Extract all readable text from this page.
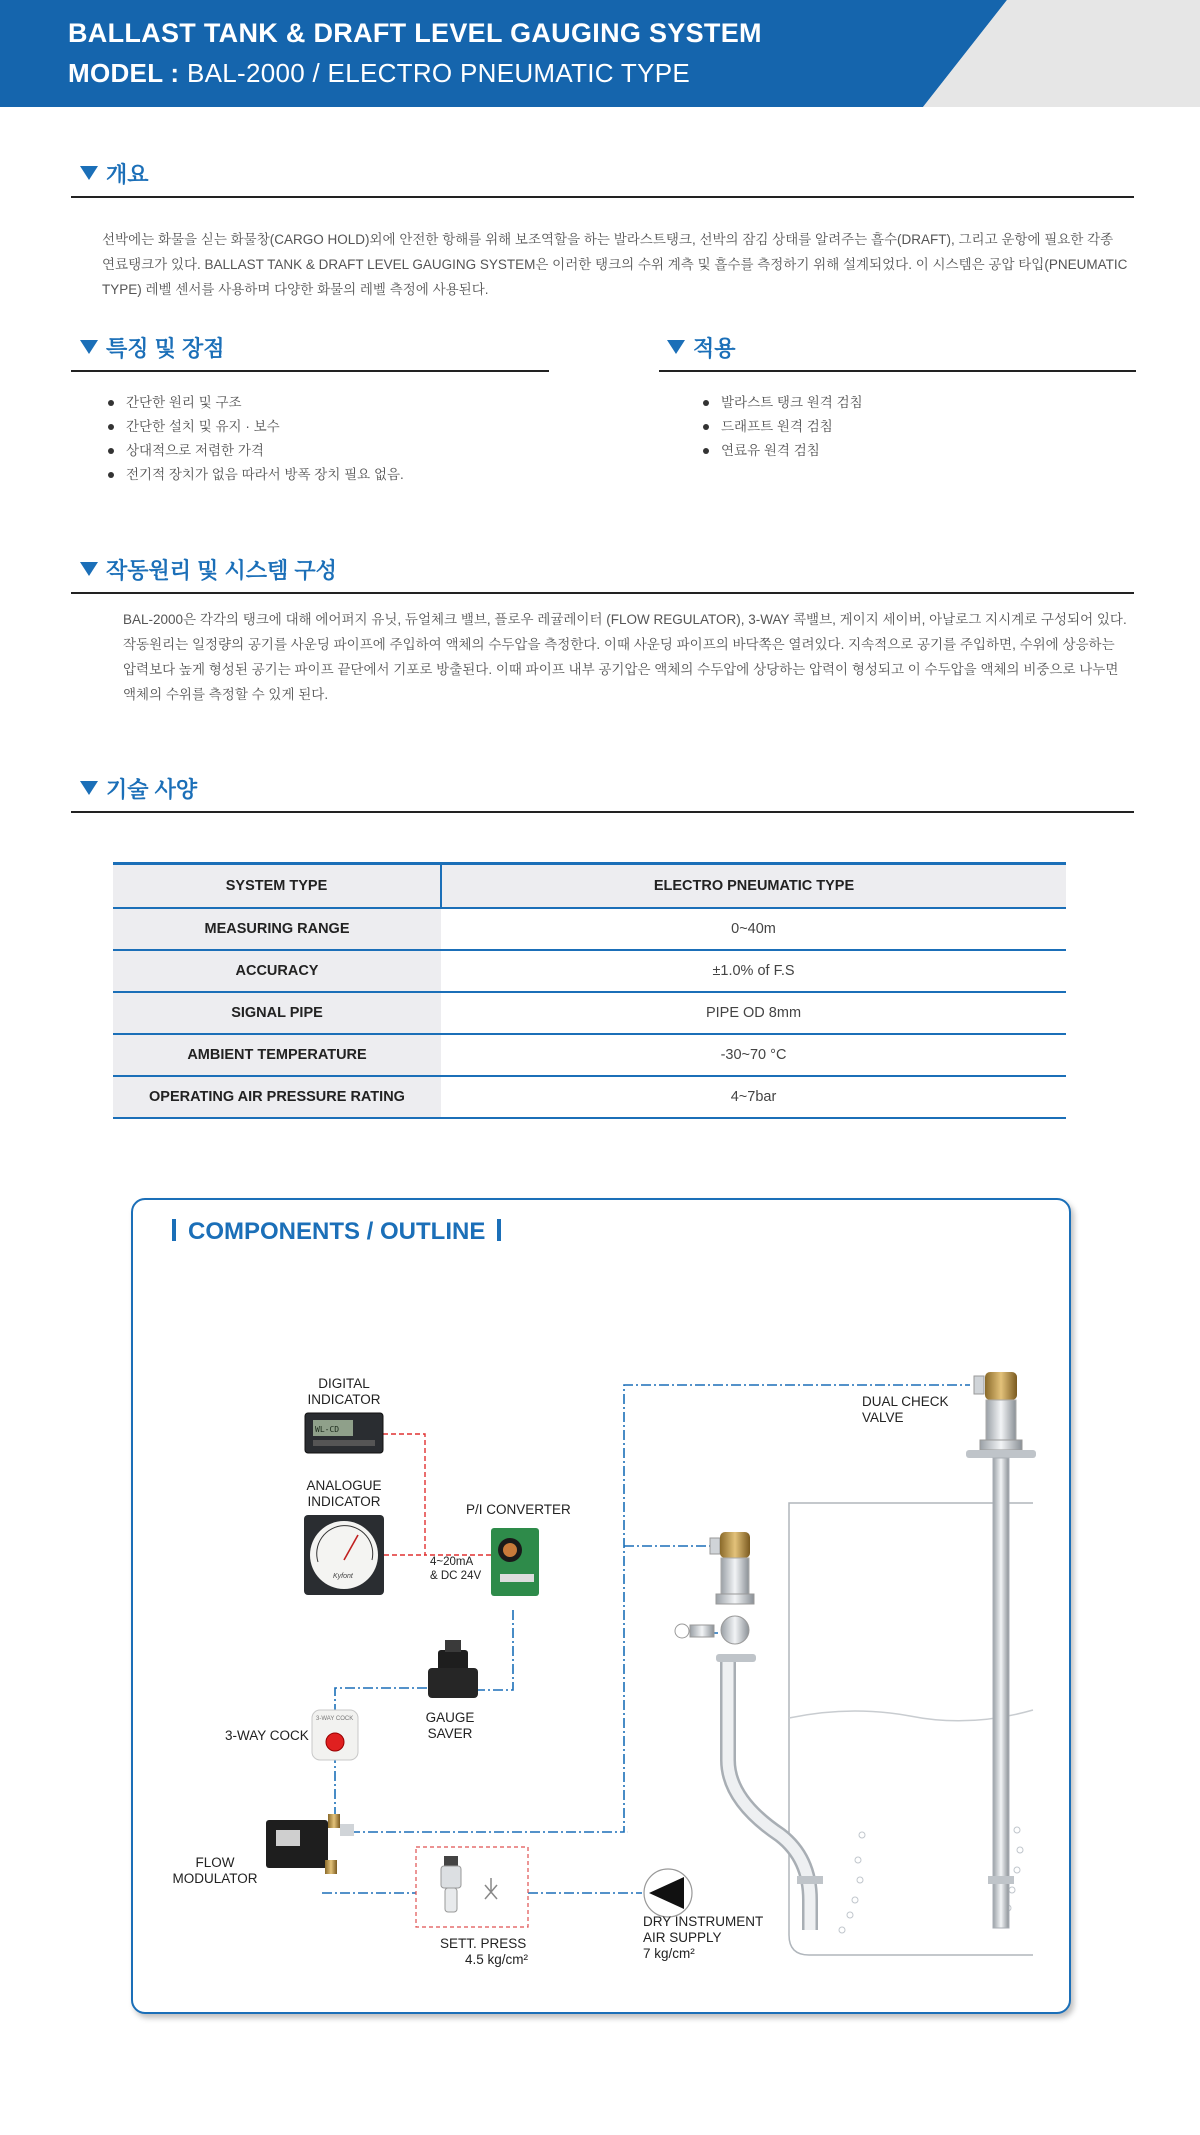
BALLAST TANK & DRAFT LEVEL GAUGING SYSTEM
MODEL : BAL-2000 / ELECTRO PNEUMATIC TYPE
개요
선박에는 화물을 싣는 화물창(CARGO HOLD)외에 안전한 항해를 위해 보조역할을 하는 발라스트탱크, 선박의 잠김 상태를 알려주는 흘수(DRAFT), 그리고 운항에 필요한 각종
연료탱크가 있다. BALLAST TANK & DRAFT LEVEL GAUGING SYSTEM은 이러한 탱크의 수위 계측 및 흘수를 측정하기 위해 설계되었다. 이 시스템은 공압 타입(PNEUMATIC
TYPE) 레벨 센서를 사용하며 다양한 화물의 레벨 측정에 사용된다.
특징 및 장점
간단한 원리 및 구조
간단한 설치 및 유지 · 보수
상대적으로 저렴한 가격
전기적 장치가 없음 따라서 방폭 장치 필요 없음.
적용
발라스트 탱크 원격 검침
드래프트 원격 검침
연료유 원격 검침
작동원리 및 시스템 구성
BAL-2000은 각각의 탱크에 대해 에어퍼지 유닛, 듀얼체크 밸브, 플로우 레귤레이터 (FLOW REGULATOR), 3-WAY 콕밸브, 게이지 세이버, 아날로그 지시계로 구성되어 있다.
작동원리는 일정량의 공기를 사운딩 파이프에 주입하여 액체의 수두압을 측정한다. 이때 사운딩 파이프의 바닥쪽은 열려있다. 지속적으로 공기를 주입하면, 수위에 상응하는
압력보다 높게 형성된 공기는 파이프 끝단에서 기포로 방출된다. 이때 파이프 내부 공기압은 액체의 수두압에 상당하는 압력이 형성되고 이 수두압을 액체의 비중으로 나누면
액체의 수위를 측정할 수 있게 된다.
기술 사양
SYSTEM TYPE	ELECTRO PNEUMATIC TYPE
MEASURING RANGE	0~40m
ACCURACY	±1.0% of F.S
SIGNAL PIPE	PIPE OD 8mm
AMBIENT TEMPERATURE	-30~70 °C
OPERATING AIR PRESSURE RATING	4~7bar
COMPONENTS / OUTLINE
WL-CD
Kyfont
3-WAY COCK
DIGITAL
INDICATOR
ANALOGUE
INDICATOR
P/I CONVERTER
4~20mA
& DC 24V
GAUGE
SAVER
3-WAY COCK
FLOW
MODULATOR
SETT. PRESS
4.5 kg/cm²
DRY INSTRUMENT
AIR SUPPLY
7 kg/cm²
DUAL CHECK
VALVE
